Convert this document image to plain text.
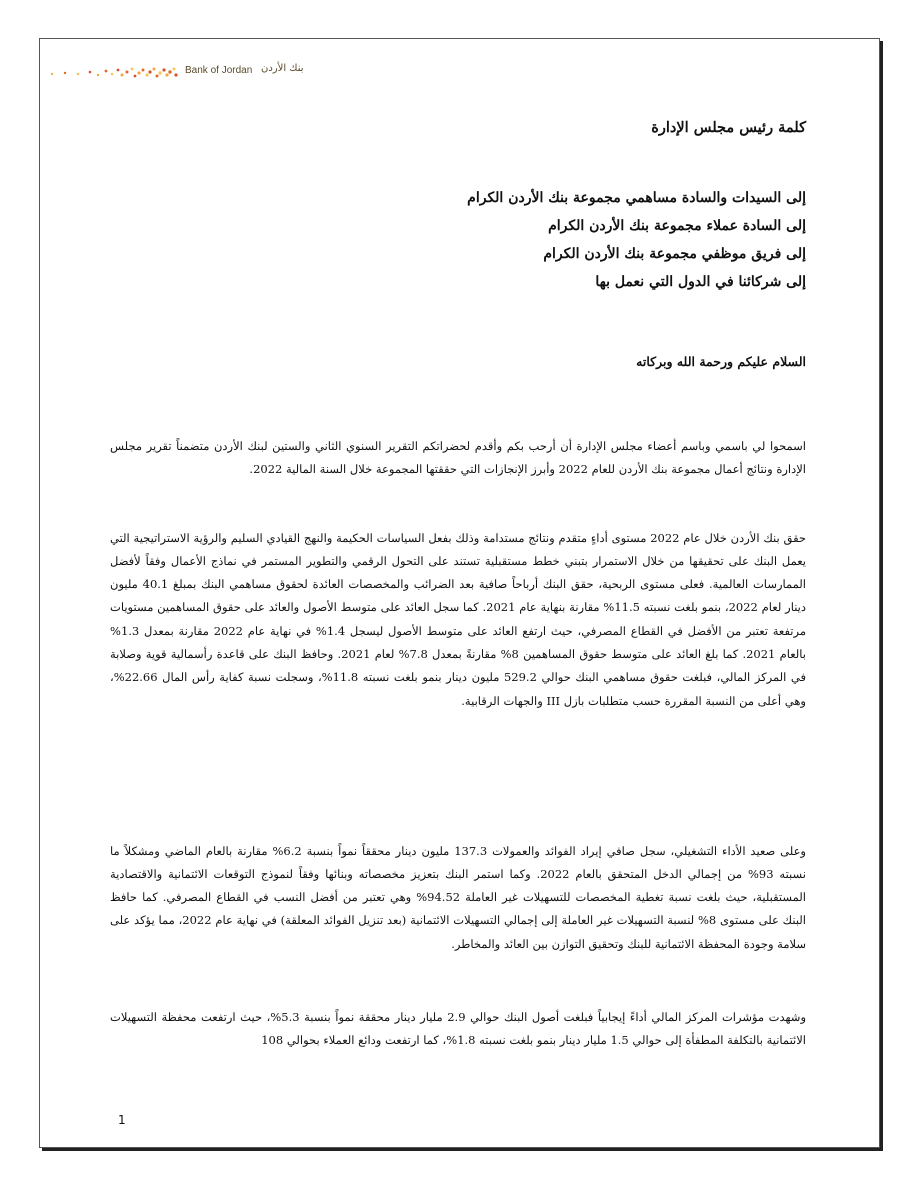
Bank of Jordan بنك الأردن
كلمة رئيس مجلس الإدارة
إلى السيدات والسادة مساهمي مجموعة بنك الأردن الكرام
إلى السادة عملاء مجموعة بنك الأردن الكرام
إلى فريق موظفي مجموعة بنك الأردن الكرام
إلى شركائنا في الدول التي نعمل بها
السلام عليكم ورحمة الله وبركاته

اسمحوا لي باسمي وباسم أعضاء مجلس الإدارة أن أرحب بكم وأقدم لحضراتكم التقرير السنوي الثاني والستين لبنك الأردن متضمناً تقرير مجلس الإدارة ونتائج أعمال مجموعة بنك الأردن للعام 2022 وأبرز الإنجازات التي حققتها المجموعة خلال السنة المالية 2022.

حقق بنك الأردن خلال عام 2022 مستوى أداءٍ متقدم ونتائج مستدامة وذلك بفعل السياسات الحكيمة والنهج القيادي السليم والرؤية الاستراتيجية التي يعمل البنك على تحقيقها من خلال الاستمرار بتبني خطط مستقبلية تستند على التحول الرقمي والتطوير المستمر في نماذج الأعمال وفقاً لأفضل الممارسات العالمية. فعلى مستوى الربحية، حقق البنك أرباحاً صافية بعد الضرائب والمخصصات العائدة لحقوق مساهمي البنك بمبلغ 40.1 مليون دينار لعام 2022، بنمو بلغت نسبته 11.5% مقارنة بنهاية عام 2021. كما سجل العائد على متوسط الأصول والعائد على حقوق المساهمين مستويات مرتفعة تعتبر من الأفضل في القطاع المصرفي، حيث ارتفع العائد على متوسط الأصول ليسجل 1.4% في نهاية عام 2022 مقارنة بمعدل 1.3% بالعام 2021. كما بلغ العائد على متوسط حقوق المساهمين 8% مقارنةً بمعدل 7.8% لعام 2021. وحافظ البنك على قاعدة رأسمالية قوية وصلابة في المركز المالي، فبلغت حقوق مساهمي البنك حوالي 529.2 مليون دينار بنمو بلغت نسبته 11.8%، وسجلت نسبة كفاية رأس المال 22.66%، وهي أعلى من النسبة المقررة حسب متطلبات بازل III والجهات الرقابية.

وعلى صعيد الأداء التشغيلي، سجل صافي إيراد الفوائد والعمولات 137.3 مليون دينار محققاً نمواً بنسبة 6.2% مقارنة بالعام الماضي ومشكلاً ما نسبته 93% من إجمالي الدخل المتحقق بالعام 2022. وكما استمر البنك بتعزيز مخصصاته وبنائها وفقاً لنموذج التوقعات الائتمانية والاقتصادية المستقبلية، حيث بلغت نسبة تغطية المخصصات للتسهيلات غير العاملة 94.52% وهي تعتبر من أفضل النسب في القطاع المصرفي. كما حافظ البنك على مستوى 8% لنسبة التسهيلات غير العاملة إلى إجمالي التسهيلات الائتمانية (بعد تنزيل الفوائد المعلقة) في نهاية عام 2022، مما يؤكد على سلامة وجودة المحفظة الائتمانية للبنك وتحقيق التوازن بين العائد والمخاطر.

وشهدت مؤشرات المركز المالي أداءً إيجابياً فبلغت أصول البنك حوالي 2.9 مليار دينار محققة نمواً بنسبة 5.3%، حيث ارتفعت محفظة التسهيلات الائتمانية بالتكلفة المطفأة إلى حوالي 1.5 مليار دينار بنمو بلغت نسبته 1.8%، كما ارتفعت ودائع العملاء بحوالي 108

1
